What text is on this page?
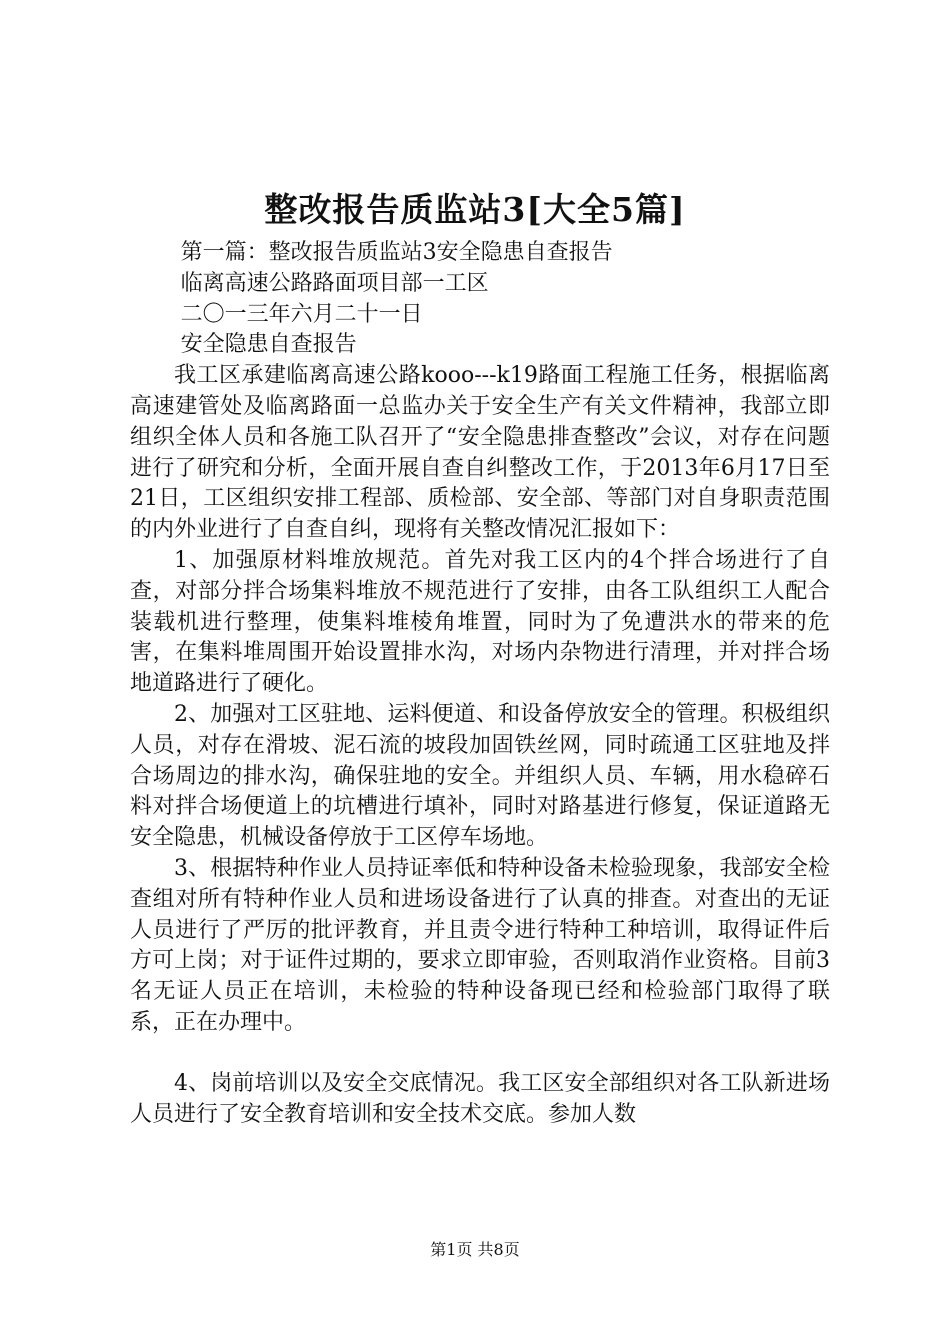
整改报告质监站3[大全5篇]

第一篇：整改报告质监站3安全隐患自查报告

临离高速公路路面项目部一工区

二〇一三年六月二十一日

安全隐患自查报告

我工区承建临离高速公路kooo---k19路面工程施工任务，根据临离高速建管处及临离路面一总监办关于安全生产有关文件精神，我部立即组织全体人员和各施工队召开了“安全隐患排查整改”会议，对存在问题进行了研究和分析，全面开展自查自纠整改工作，于2013年6月17日至21日，工区组织安排工程部、质检部、安全部、等部门对自身职责范围的内外业进行了自查自纠，现将有关整改情况汇报如下：

1、加强原材料堆放规范。首先对我工区内的4个拌合场进行了自查，对部分拌合场集料堆放不规范进行了安排，由各工队组织工人配合装载机进行整理，使集料堆棱角堆置，同时为了免遭洪水的带来的危害，在集料堆周围开始设置排水沟，对场内杂物进行清理，并对拌合场地道路进行了硬化。

2、加强对工区驻地、运料便道、和设备停放安全的管理。积极组织人员，对存在滑坡、泥石流的坡段加固铁丝网，同时疏通工区驻地及拌合场周边的排水沟，确保驻地的安全。并组织人员、车辆，用水稳碎石料对拌合场便道上的坑槽进行填补，同时对路基进行修复，保证道路无安全隐患，机械设备停放于工区停车场地。

3、根据特种作业人员持证率低和特种设备未检验现象，我部安全检查组对所有特种作业人员和进场设备进行了认真的排查。对查出的无证人员进行了严厉的批评教育，并且责令进行特种工种培训，取得证件后方可上岗；对于证件过期的，要求立即审验，否则取消作业资格。目前3名无证人员正在培训，未检验的特种设备现已经和检验部门取得了联系，正在办理中。

4、岗前培训以及安全交底情况。我工区安全部组织对各工队新进场人员进行了安全教育培训和安全技术交底。参加人数

第1页 共8页
